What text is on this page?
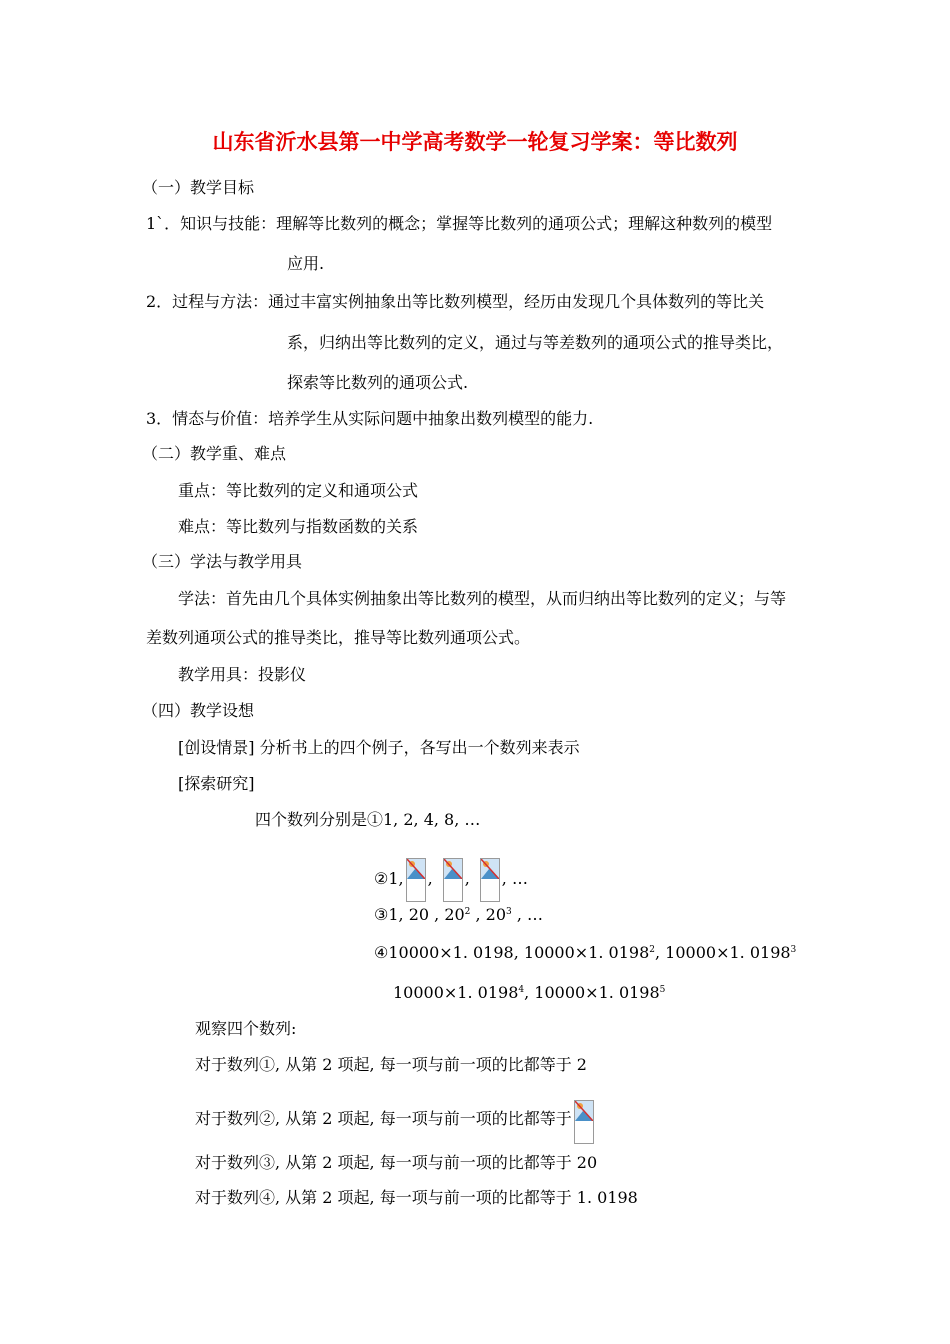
山东省沂水县第一中学高考数学一轮复习学案：等比数列
（一）教学目标
1`．知识与技能：理解等比数列的概念；掌握等比数列的通项公式；理解这种数列的模型
应用.
2．过程与方法：通过丰富实例抽象出等比数列模型，经历由发现几个具体数列的等比关
系，归纳出等比数列的定义，通过与等差数列的通项公式的推导类比，
探索等比数列的通项公式.
3．情态与价值：培养学生从实际问题中抽象出数列模型的能力.
（二）教学重、难点
重点：等比数列的定义和通项公式
难点：等比数列与指数函数的关系
（三）学法与教学用具
学法：首先由几个具体实例抽象出等比数列的模型，从而归纳出等比数列的定义；与等
差数列通项公式的推导类比，推导等比数列通项公式。
教学用具：投影仪
（四）教学设想
[创设情景] 分析书上的四个例子，各写出一个数列来表示
[探索研究]
四个数列分别是①1, 2, 4, 8, …
②1, , , , …
③1, 20 , $20^2$ , $20^3$ , …
④10000×1. 0198, 10000×1. 0198$^2$, 10000×1. 0198$^3$
10000×1. 0198$^4$, 10000×1. 0198$^5$
观察四个数列:
对于数列①, 从第 2 项起, 每一项与前一项的比都等于 2
对于数列②, 从第 2 项起, 每一项与前一项的比都等于
对于数列③, 从第 2 项起, 每一项与前一项的比都等于 20
对于数列④, 从第 2 项起, 每一项与前一项的比都等于 1. 0198
